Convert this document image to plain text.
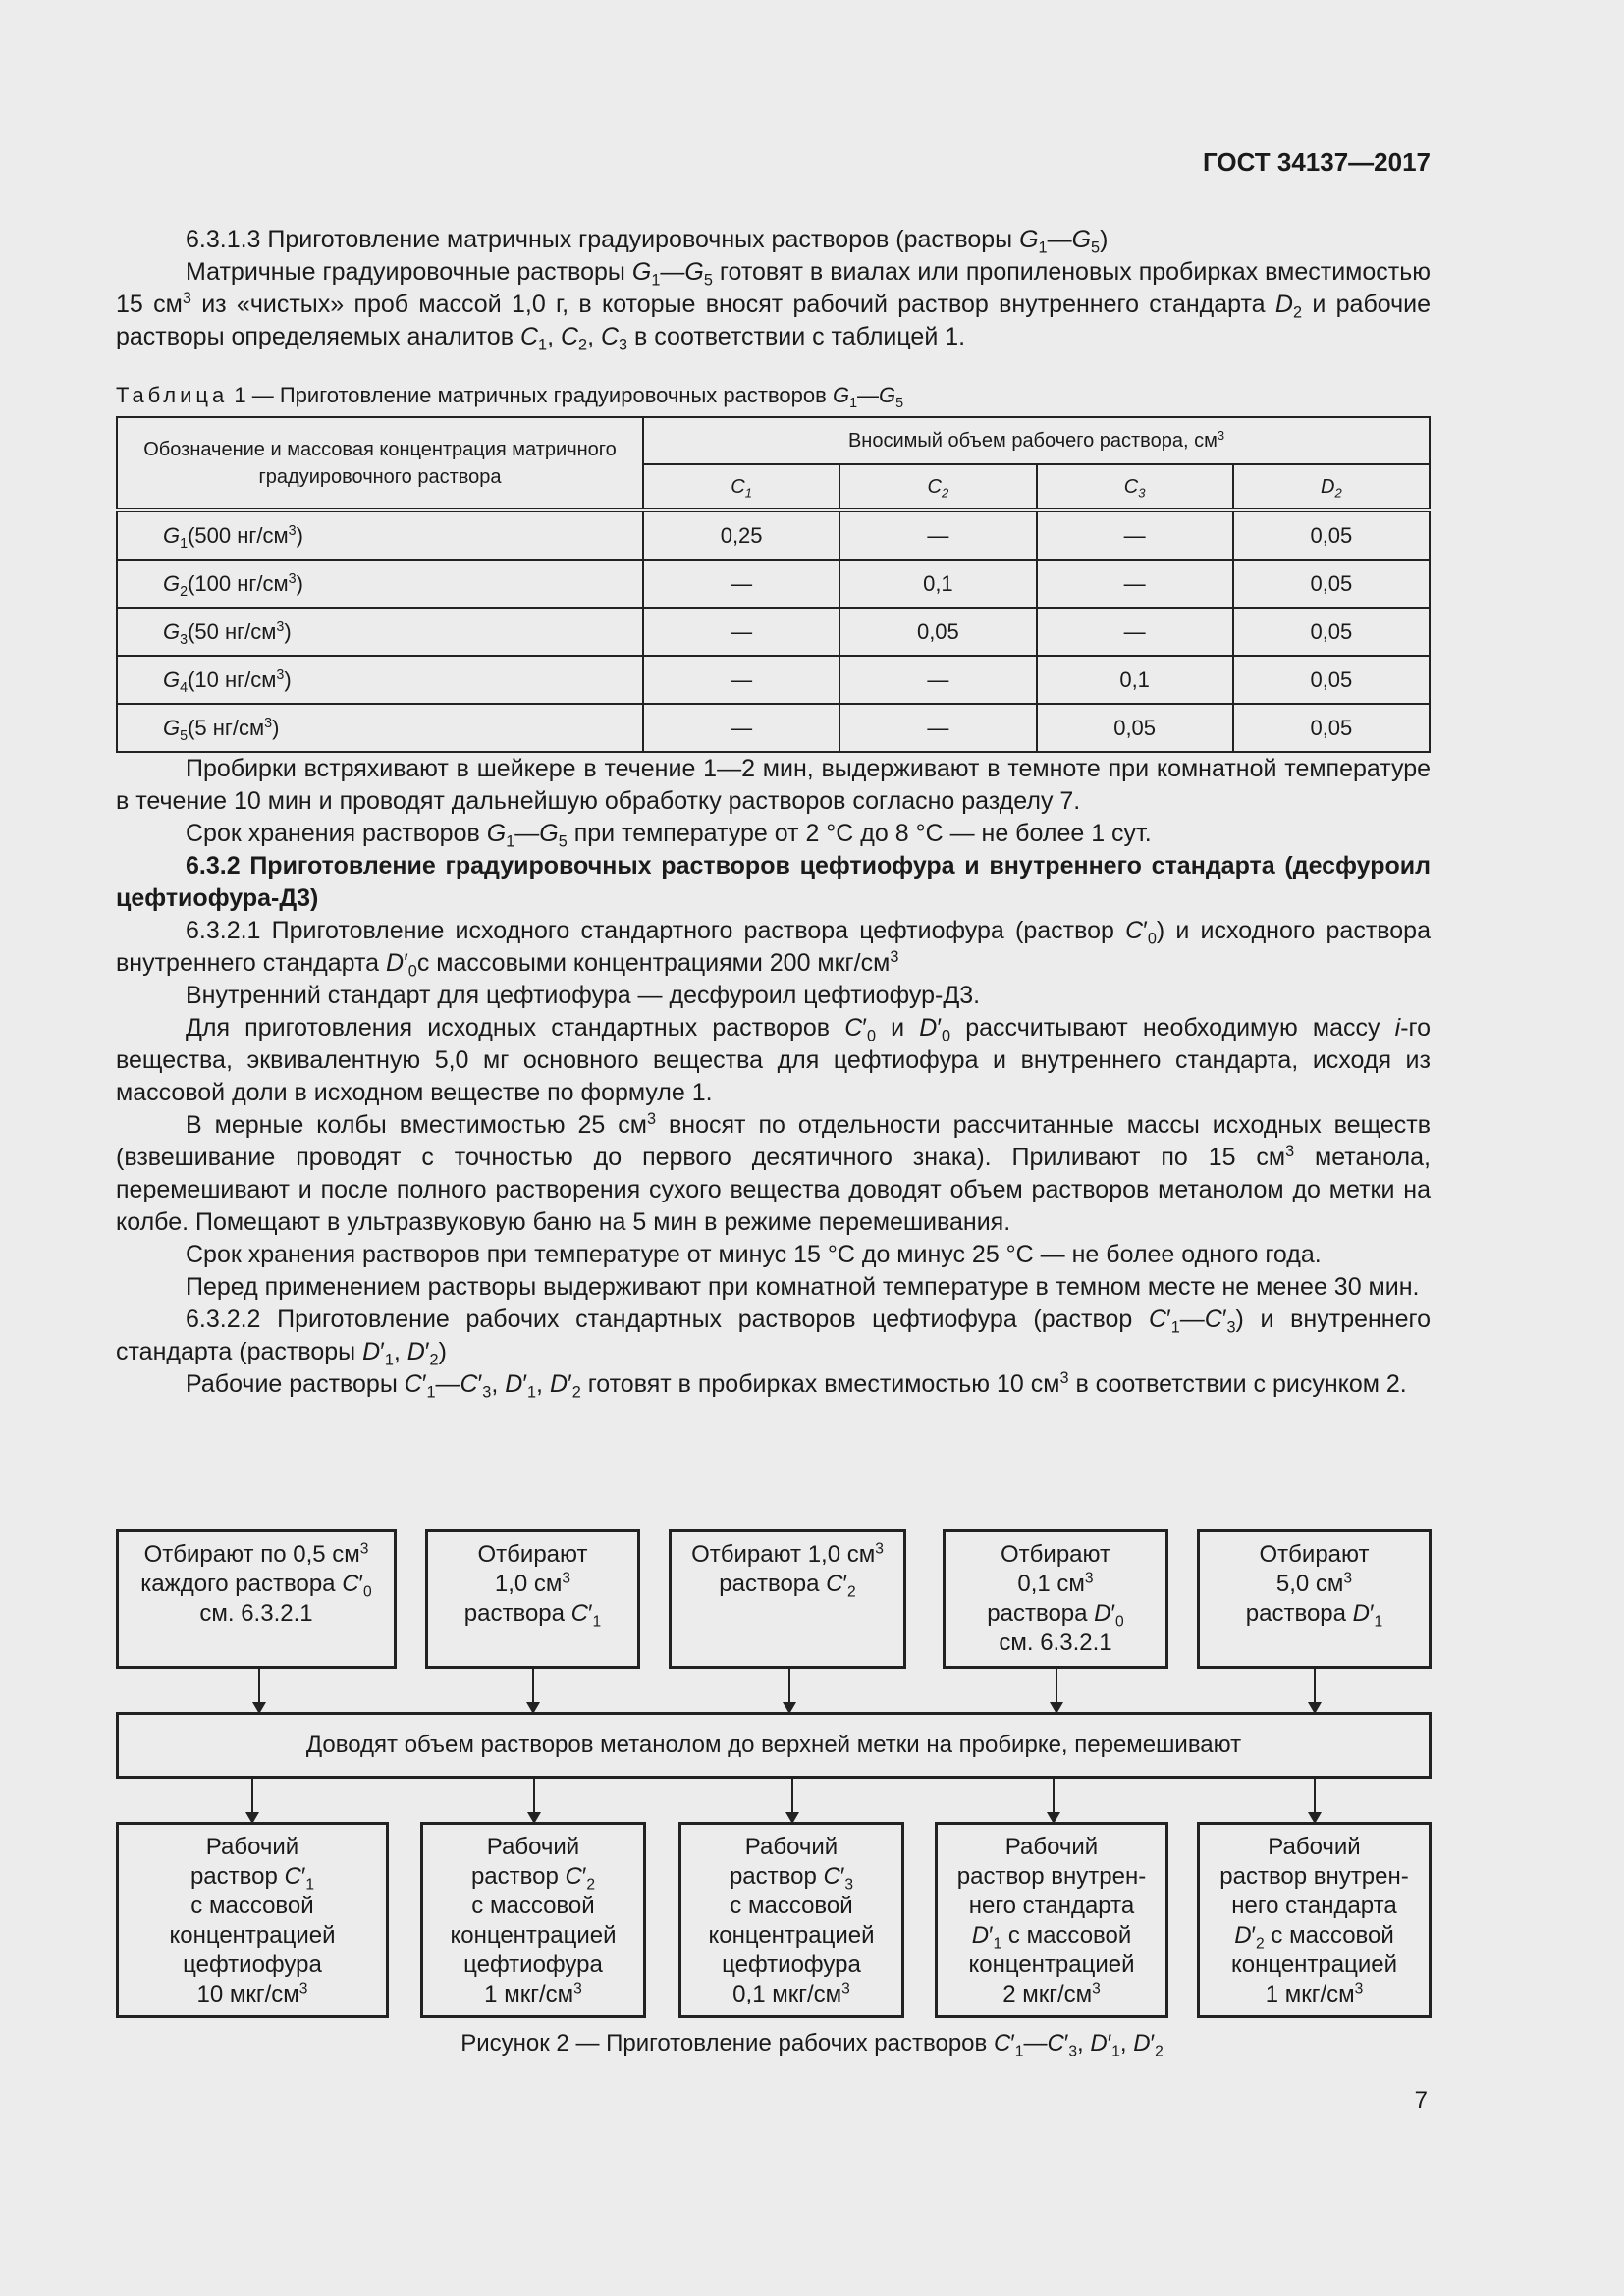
ГОСТ 34137—2017

6.3.1.3 Приготовление матричных градуировочных растворов (растворы $G_1—G_5$)

Матричные градуировочные растворы $G_1—G_5$ готовят в виалах или пропиленовых пробирках вместимостью 15 $см^3$ из «чистых» проб массой 1,0 г, в которые вносят рабочий раствор внутреннего стандарта $D_2$ и рабочие растворы определяемых аналитов $C_1$, $C_2$, $C_3$ в соответствии с таблицей 1.

Таблица 1 — Приготовление матричных градуировочных растворов $G_1—G_5$
Обозначение и массовая концентрация матричного градуировочного раствора	Вносимый объем рабочего раствора, $см^3$
	$C_1$	$C_2$	$C_3$	$D_2$
$G_1(500$ $нг/см^3$)	0,25	—	—	0,05
$G_2(100$ $нг/см^3$)	—	0,1	—	0,05
$G_3(50$ $нг/см^3$)	—	0,05	—	0,05
$G_4(10$ $нг/см^3$)	—	—	0,1	0,05
$G_5(5$ $нг/см^3$)	—	—	0,05	0,05

Пробирки встряхивают в шейкере в течение 1—2 мин, выдерживают в темноте при комнатной температуре в течение 10 мин и проводят дальнейшую обработку растворов согласно разделу 7.

Срок хранения растворов $G_1—G_5$ при температуре от 2 °С до 8 °С — не более 1 сут.

6.3.2 Приготовление градуировочных растворов цефтиофура и внутреннего стандарта (десфуроил цефтиофура-Д3)

6.3.2.1 Приготовление исходного стандартного раствора цефтиофура (раствор $C'_0$) и исходного раствора внутреннего стандарта $D'_0с$ массовыми концентрациями 200 мкг/$см^3$

Внутренний стандарт для цефтиофура — десфуроил цефтиофур-Д3.

Для приготовления исходных стандартных растворов $C'_0$ и $D'_0$ рассчитывают необходимую массу i-го вещества, эквивалентную 5,0 мг основного вещества для цефтиофура и внутреннего стандарта, исходя из массовой доли в исходном веществе по формуле 1.

В мерные колбы вместимостью 25 $см^3$ вносят по отдельности рассчитанные массы исходных веществ (взвешивание проводят с точностью до первого десятичного знака). Приливают по 15 $см^3$ метанола, перемешивают и после полного растворения сухого вещества доводят объем растворов метанолом до метки на колбе. Помещают в ультразвуковую баню на 5 мин в режиме перемешивания.

Срок хранения растворов при температуре от минус 15 °С до минус 25 °С — не более одного года.

Перед применением растворы выдерживают при комнатной температуре в темном месте не менее 30 мин.

6.3.2.2 Приготовление рабочих стандартных растворов цефтиофура (раствор $C'_1—C'_3$) и внутреннего стандарта (растворы $D'_1$, $D'_2$)

Рабочие растворы $C'_1—C'_3$, $D'_1$, $D'_2$ готовят в пробирках вместимостью 10 $см^3$ в соответствии с рисунком 2.

Отбирают по 0,5 $см^3$
каждого раствора $C'_0$
см. 6.3.2.1
Отбирают
1,0 $см^3$
раствора $C'_1$
Отбирают 1,0 $см^3$
раствора $C'_2$
Отбирают
0,1 $см^3$
раствора $D'_0$
см. 6.3.2.1
Отбирают
5,0 $см^3$
раствора $D'_1$
Доводят объем растворов метанолом до верхней метки на пробирке, перемешивают
Рабочий
раствор $C'_1$
с массовой
концентрацией
цефтиофура
10 мкг/$см^3$
Рабочий
раствор $C'_2$
с массовой
концентрацией
цефтиофура
1 мкг/$см^3$
Рабочий
раствор $C'_3$
с массовой
концентрацией
цефтиофура
0,1 мкг/$см^3$
Рабочий
раствор внутрен-
него стандарта
$D'_1$ с массовой
концентрацией
2 мкг/$см^3$
Рабочий
раствор внутрен-
него стандарта
$D'_2$ с массовой
концентрацией
1 мкг/$см^3$
Рисунок 2 — Приготовление рабочих растворов $C'_1—C'_3$, $D'_1$, $D'_2$
7
